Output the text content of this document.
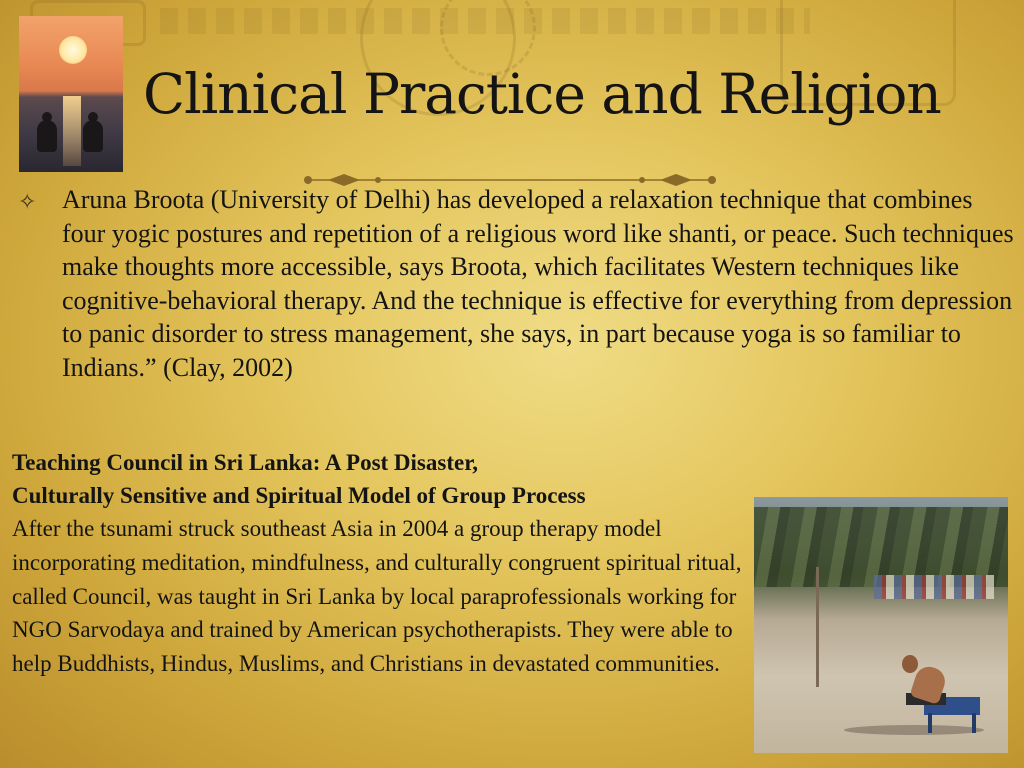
Clinical Practice and Religion
✧ Aruna Broota (University of Delhi) has developed a relaxation technique that combines four yogic postures and repetition of a religious word like shanti, or peace. Such techniques make thoughts more accessible, says Broota, which facilitates Western techniques like cognitive-behavioral therapy. And the technique is effective for everything from depression to panic disorder to stress management, she says, in part because yoga is so familiar to Indians.” (Clay, 2002)

Teaching Council in Sri Lanka: A Post Disaster,
Culturally Sensitive and Spiritual Model of Group Process
After the tsunami struck southeast Asia in 2004 a group therapy model incorporating meditation, mindfulness, and culturally congruent spiritual ritual, called Council, was taught in Sri Lanka by local paraprofessionals working for NGO Sarvodaya and trained by American psychotherapists. They were able to help Buddhists, Hindus, Muslims, and Christians in devastated communities.
